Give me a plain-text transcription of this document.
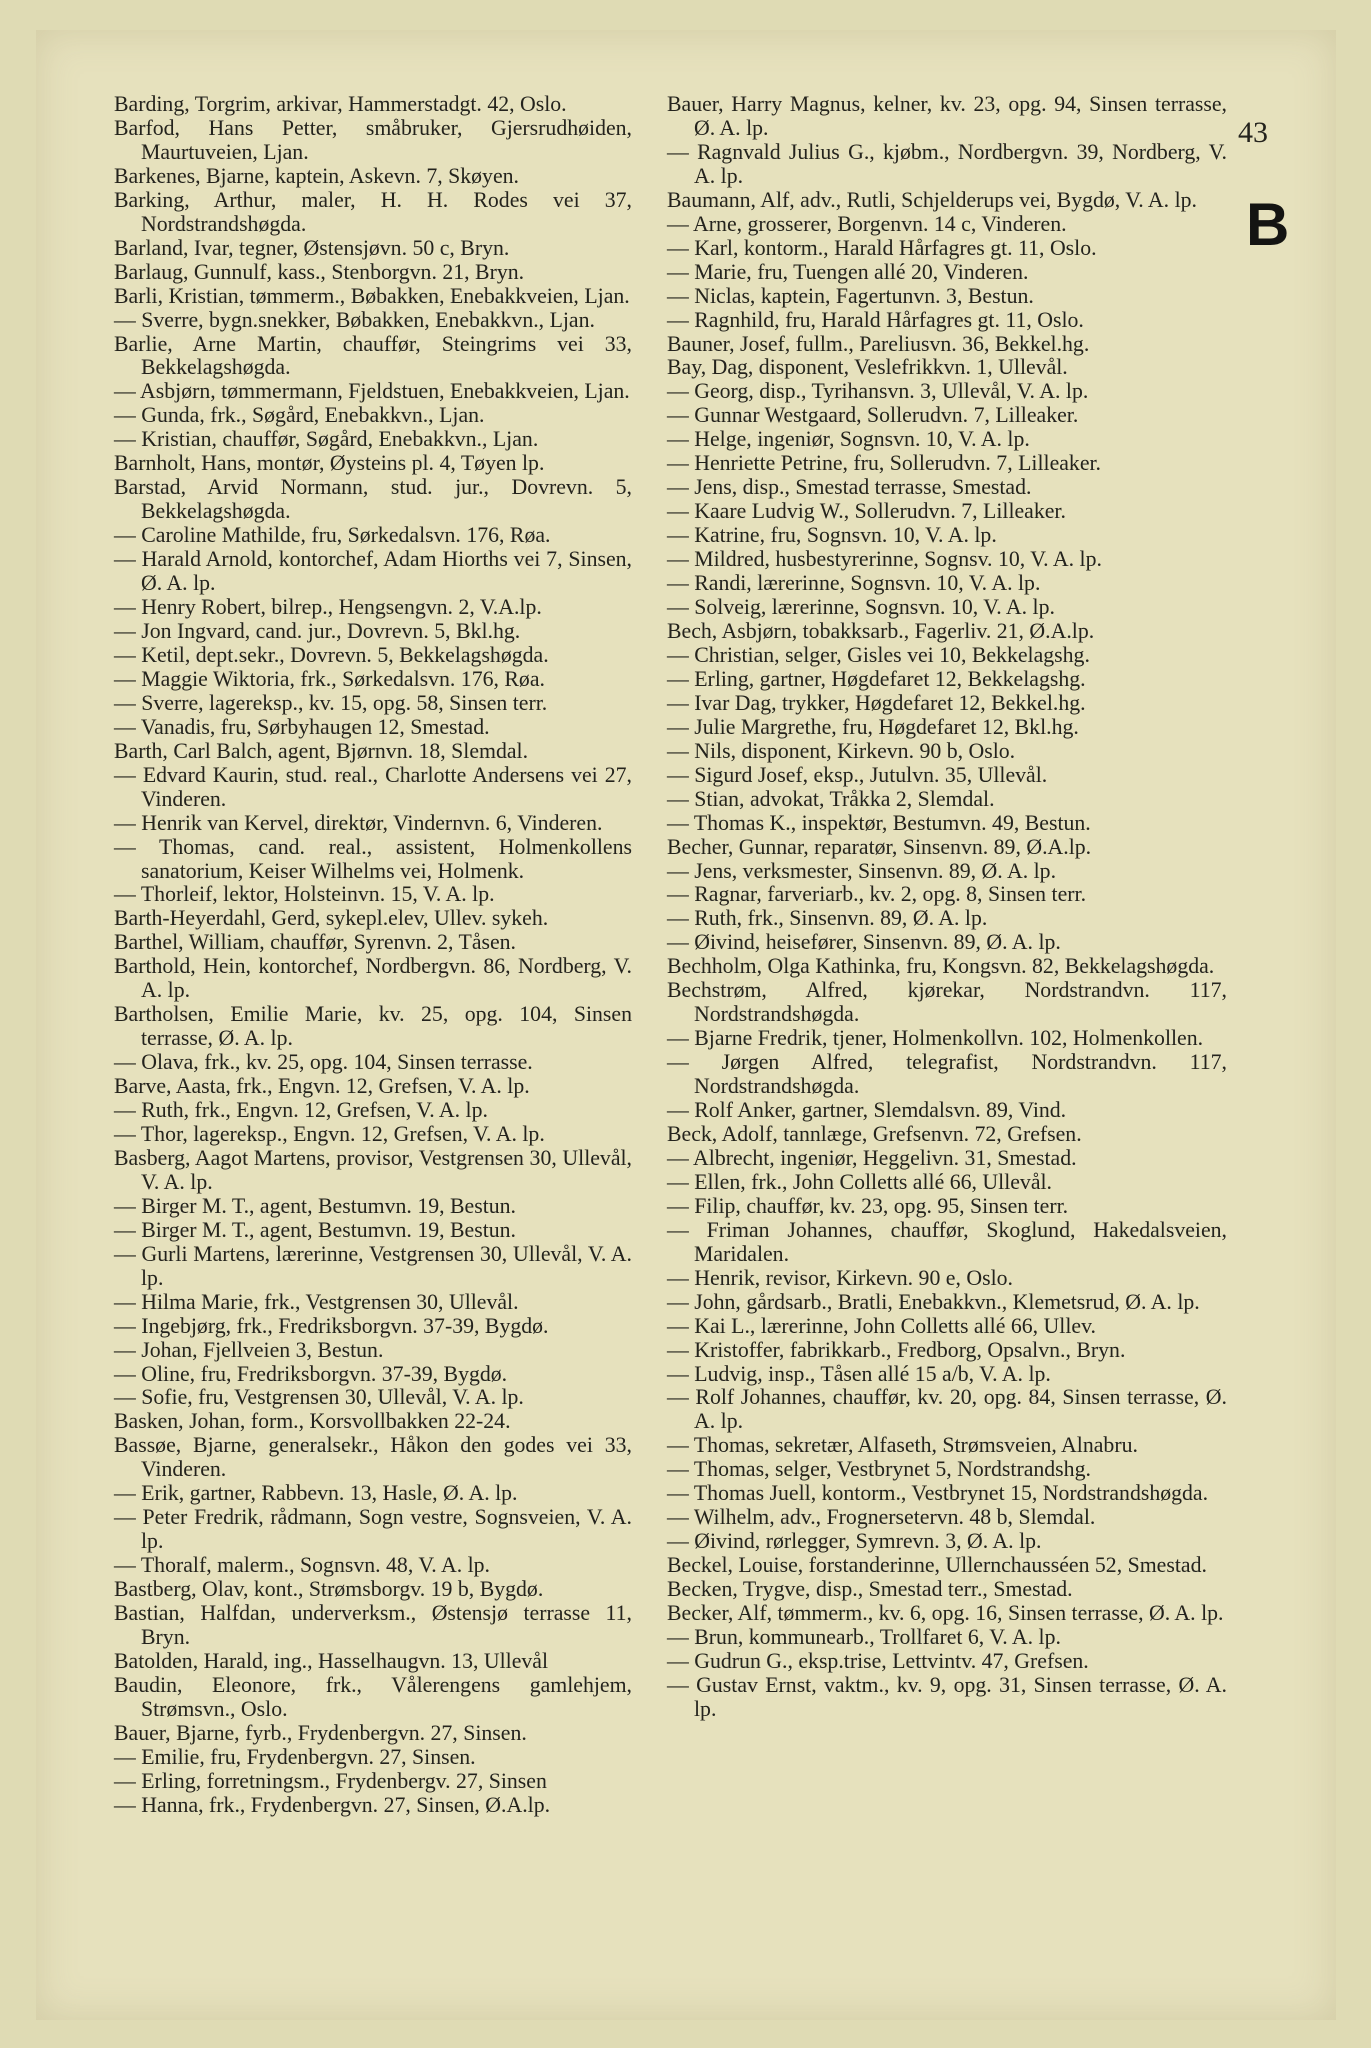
Barding, Torgrim, arkivar, Hammerstadgt. 42, Oslo.

Barfod, Hans Petter, småbruker, Gjersrudhøiden, Maurtuveien, Ljan.

Barkenes, Bjarne, kaptein, Askevn. 7, Skøyen.

Barking, Arthur, maler, H. H. Rodes vei 37, Nordstrandshøgda.

Barland, Ivar, tegner, Østensjøvn. 50 c, Bryn.

Barlaug, Gunnulf, kass., Stenborgvn. 21, Bryn.

Barli, Kristian, tømmerm., Bøbakken, Enebakkveien, Ljan.

— Sverre, bygn.snekker, Bøbakken, Enebakkvn., Ljan.

Barlie, Arne Martin, chauffør, Steingrims vei 33, Bekkelagshøgda.

— Asbjørn, tømmermann, Fjeldstuen, Enebakkveien, Ljan.

— Gunda, frk., Søgård, Enebakkvn., Ljan.

— Kristian, chauffør, Søgård, Enebakkvn., Ljan.

Barnholt, Hans, montør, Øysteins pl. 4, Tøyen lp.

Barstad, Arvid Normann, stud. jur., Dovrevn. 5, Bekkelagshøgda.

— Caroline Mathilde, fru, Sørkedalsvn. 176, Røa.

— Harald Arnold, kontorchef, Adam Hiorths vei 7, Sinsen, Ø. A. lp.

— Henry Robert, bilrep., Hengsengvn. 2, V.A.lp.

— Jon Ingvard, cand. jur., Dovrevn. 5, Bkl.hg.

— Ketil, dept.sekr., Dovrevn. 5, Bekkelagshøgda.

— Maggie Wiktoria, frk., Sørkedalsvn. 176, Røa.

— Sverre, lagereksp., kv. 15, opg. 58, Sinsen terr.

— Vanadis, fru, Sørbyhaugen 12, Smestad.

Barth, Carl Balch, agent, Bjørnvn. 18, Slemdal.

— Edvard Kaurin, stud. real., Charlotte Andersens vei 27, Vinderen.

— Henrik van Kervel, direktør, Vindernvn. 6, Vinderen.

— Thomas, cand. real., assistent, Holmenkollens sanatorium, Keiser Wilhelms vei, Holmenk.

— Thorleif, lektor, Holsteinvn. 15, V. A. lp.

Barth-Heyerdahl, Gerd, sykepl.elev, Ullev. sykeh.

Barthel, William, chauffør, Syrenvn. 2, Tåsen.

Barthold, Hein, kontorchef, Nordbergvn. 86, Nordberg, V. A. lp.

Bartholsen, Emilie Marie, kv. 25, opg. 104, Sinsen terrasse, Ø. A. lp.

— Olava, frk., kv. 25, opg. 104, Sinsen terrasse.

Barve, Aasta, frk., Engvn. 12, Grefsen, V. A. lp.

— Ruth, frk., Engvn. 12, Grefsen, V. A. lp.

— Thor, lagereksp., Engvn. 12, Grefsen, V. A. lp.

Basberg, Aagot Martens, provisor, Vestgrensen 30, Ullevål, V. A. lp.

— Birger M. T., agent, Bestumvn. 19, Bestun.

— Birger M. T., agent, Bestumvn. 19, Bestun.

— Gurli Martens, lærerinne, Vestgrensen 30, Ullevål, V. A. lp.

— Hilma Marie, frk., Vestgrensen 30, Ullevål.

— Ingebjørg, frk., Fredriksborgvn. 37-39, Bygdø.

— Johan, Fjellveien 3, Bestun.

— Oline, fru, Fredriksborgvn. 37-39, Bygdø.

— Sofie, fru, Vestgrensen 30, Ullevål, V. A. lp.

Basken, Johan, form., Korsvollbakken 22-24.

Bassøe, Bjarne, generalsekr., Håkon den godes vei 33, Vinderen.

— Erik, gartner, Rabbevn. 13, Hasle, Ø. A. lp.

— Peter Fredrik, rådmann, Sogn vestre, Sognsveien, V. A. lp.

— Thoralf, malerm., Sognsvn. 48, V. A. lp.

Bastberg, Olav, kont., Strømsborgv. 19 b, Bygdø.

Bastian, Halfdan, underverksm., Østensjø terrasse 11, Bryn.

Batolden, Harald, ing., Hasselhaugvn. 13, Ullevål

Baudin, Eleonore, frk., Vålerengens gamlehjem, Strømsvn., Oslo.

Bauer, Bjarne, fyrb., Frydenbergvn. 27, Sinsen.

— Emilie, fru, Frydenbergvn. 27, Sinsen.

— Erling, forretningsm., Frydenbergv. 27, Sinsen

— Hanna, frk., Frydenbergvn. 27, Sinsen, Ø.A.lp.

Bauer, Harry Magnus, kelner, kv. 23, opg. 94, Sinsen terrasse, Ø. A. lp.

— Ragnvald Julius G., kjøbm., Nordbergvn. 39, Nordberg, V. A. lp.

Baumann, Alf, adv., Rutli, Schjelderups vei, Bygdø, V. A. lp.

— Arne, grosserer, Borgenvn. 14 c, Vinderen.

— Karl, kontorm., Harald Hårfagres gt. 11, Oslo.

— Marie, fru, Tuengen allé 20, Vinderen.

— Niclas, kaptein, Fagertunvn. 3, Bestun.

— Ragnhild, fru, Harald Hårfagres gt. 11, Oslo.

Bauner, Josef, fullm., Pareliusvn. 36, Bekkel.hg.

Bay, Dag, disponent, Veslefrikkvn. 1, Ullevål.

— Georg, disp., Tyrihansvn. 3, Ullevål, V. A. lp.

— Gunnar Westgaard, Sollerudvn. 7, Lilleaker.

— Helge, ingeniør, Sognsvn. 10, V. A. lp.

— Henriette Petrine, fru, Sollerudvn. 7, Lilleaker.

— Jens, disp., Smestad terrasse, Smestad.

— Kaare Ludvig W., Sollerudvn. 7, Lilleaker.

— Katrine, fru, Sognsvn. 10, V. A. lp.

— Mildred, husbestyrerinne, Sognsv. 10, V. A. lp.

— Randi, lærerinne, Sognsvn. 10, V. A. lp.

— Solveig, lærerinne, Sognsvn. 10, V. A. lp.

Bech, Asbjørn, tobakksarb., Fagerliv. 21, Ø.A.lp.

— Christian, selger, Gisles vei 10, Bekkelagshg.

— Erling, gartner, Høgdefaret 12, Bekkelagshg.

— Ivar Dag, trykker, Høgdefaret 12, Bekkel.hg.

— Julie Margrethe, fru, Høgdefaret 12, Bkl.hg.

— Nils, disponent, Kirkevn. 90 b, Oslo.

— Sigurd Josef, eksp., Jutulvn. 35, Ullevål.

— Stian, advokat, Tråkka 2, Slemdal.

— Thomas K., inspektør, Bestumvn. 49, Bestun.

Becher, Gunnar, reparatør, Sinsenvn. 89, Ø.A.lp.

— Jens, verksmester, Sinsenvn. 89, Ø. A. lp.

— Ragnar, farveriarb., kv. 2, opg. 8, Sinsen terr.

— Ruth, frk., Sinsenvn. 89, Ø. A. lp.

— Øivind, heisefører, Sinsenvn. 89, Ø. A. lp.

Bechholm, Olga Kathinka, fru, Kongsvn. 82, Bekkelagshøgda.

Bechstrøm, Alfred, kjørekar, Nordstrandvn. 117, Nordstrandshøgda.

— Bjarne Fredrik, tjener, Holmenkollvn. 102, Holmenkollen.

— Jørgen Alfred, telegrafist, Nordstrandvn. 117, Nordstrandshøgda.

— Rolf Anker, gartner, Slemdalsvn. 89, Vind.

Beck, Adolf, tannlæge, Grefsenvn. 72, Grefsen.

— Albrecht, ingeniør, Heggelivn. 31, Smestad.

— Ellen, frk., John Colletts allé 66, Ullevål.

— Filip, chauffør, kv. 23, opg. 95, Sinsen terr.

— Friman Johannes, chauffør, Skoglund, Hakedalsveien, Maridalen.

— Henrik, revisor, Kirkevn. 90 e, Oslo.

— John, gårdsarb., Bratli, Enebakkvn., Klemetsrud, Ø. A. lp.

— Kai L., lærerinne, John Colletts allé 66, Ullev.

— Kristoffer, fabrikkarb., Fredborg, Opsalvn., Bryn.

— Ludvig, insp., Tåsen allé 15 a/b, V. A. lp.

— Rolf Johannes, chauffør, kv. 20, opg. 84, Sinsen terrasse, Ø. A. lp.

— Thomas, sekretær, Alfaseth, Strømsveien, Alnabru.

— Thomas, selger, Vestbrynet 5, Nordstrandshg.

— Thomas Juell, kontorm., Vestbrynet 15, Nordstrandshøgda.

— Wilhelm, adv., Frognersetervn. 48 b, Slemdal.

— Øivind, rørlegger, Symrevn. 3, Ø. A. lp.

Beckel, Louise, forstanderinne, Ullernchausséen 52, Smestad.

Becken, Trygve, disp., Smestad terr., Smestad.

Becker, Alf, tømmerm., kv. 6, opg. 16, Sinsen terrasse, Ø. A. lp.

— Brun, kommunearb., Trollfaret 6, V. A. lp.

— Gudrun G., eksp.trise, Lettvintv. 47, Grefsen.

— Gustav Ernst, vaktm., kv. 9, opg. 31, Sinsen terrasse, Ø. A. lp.

43
B
